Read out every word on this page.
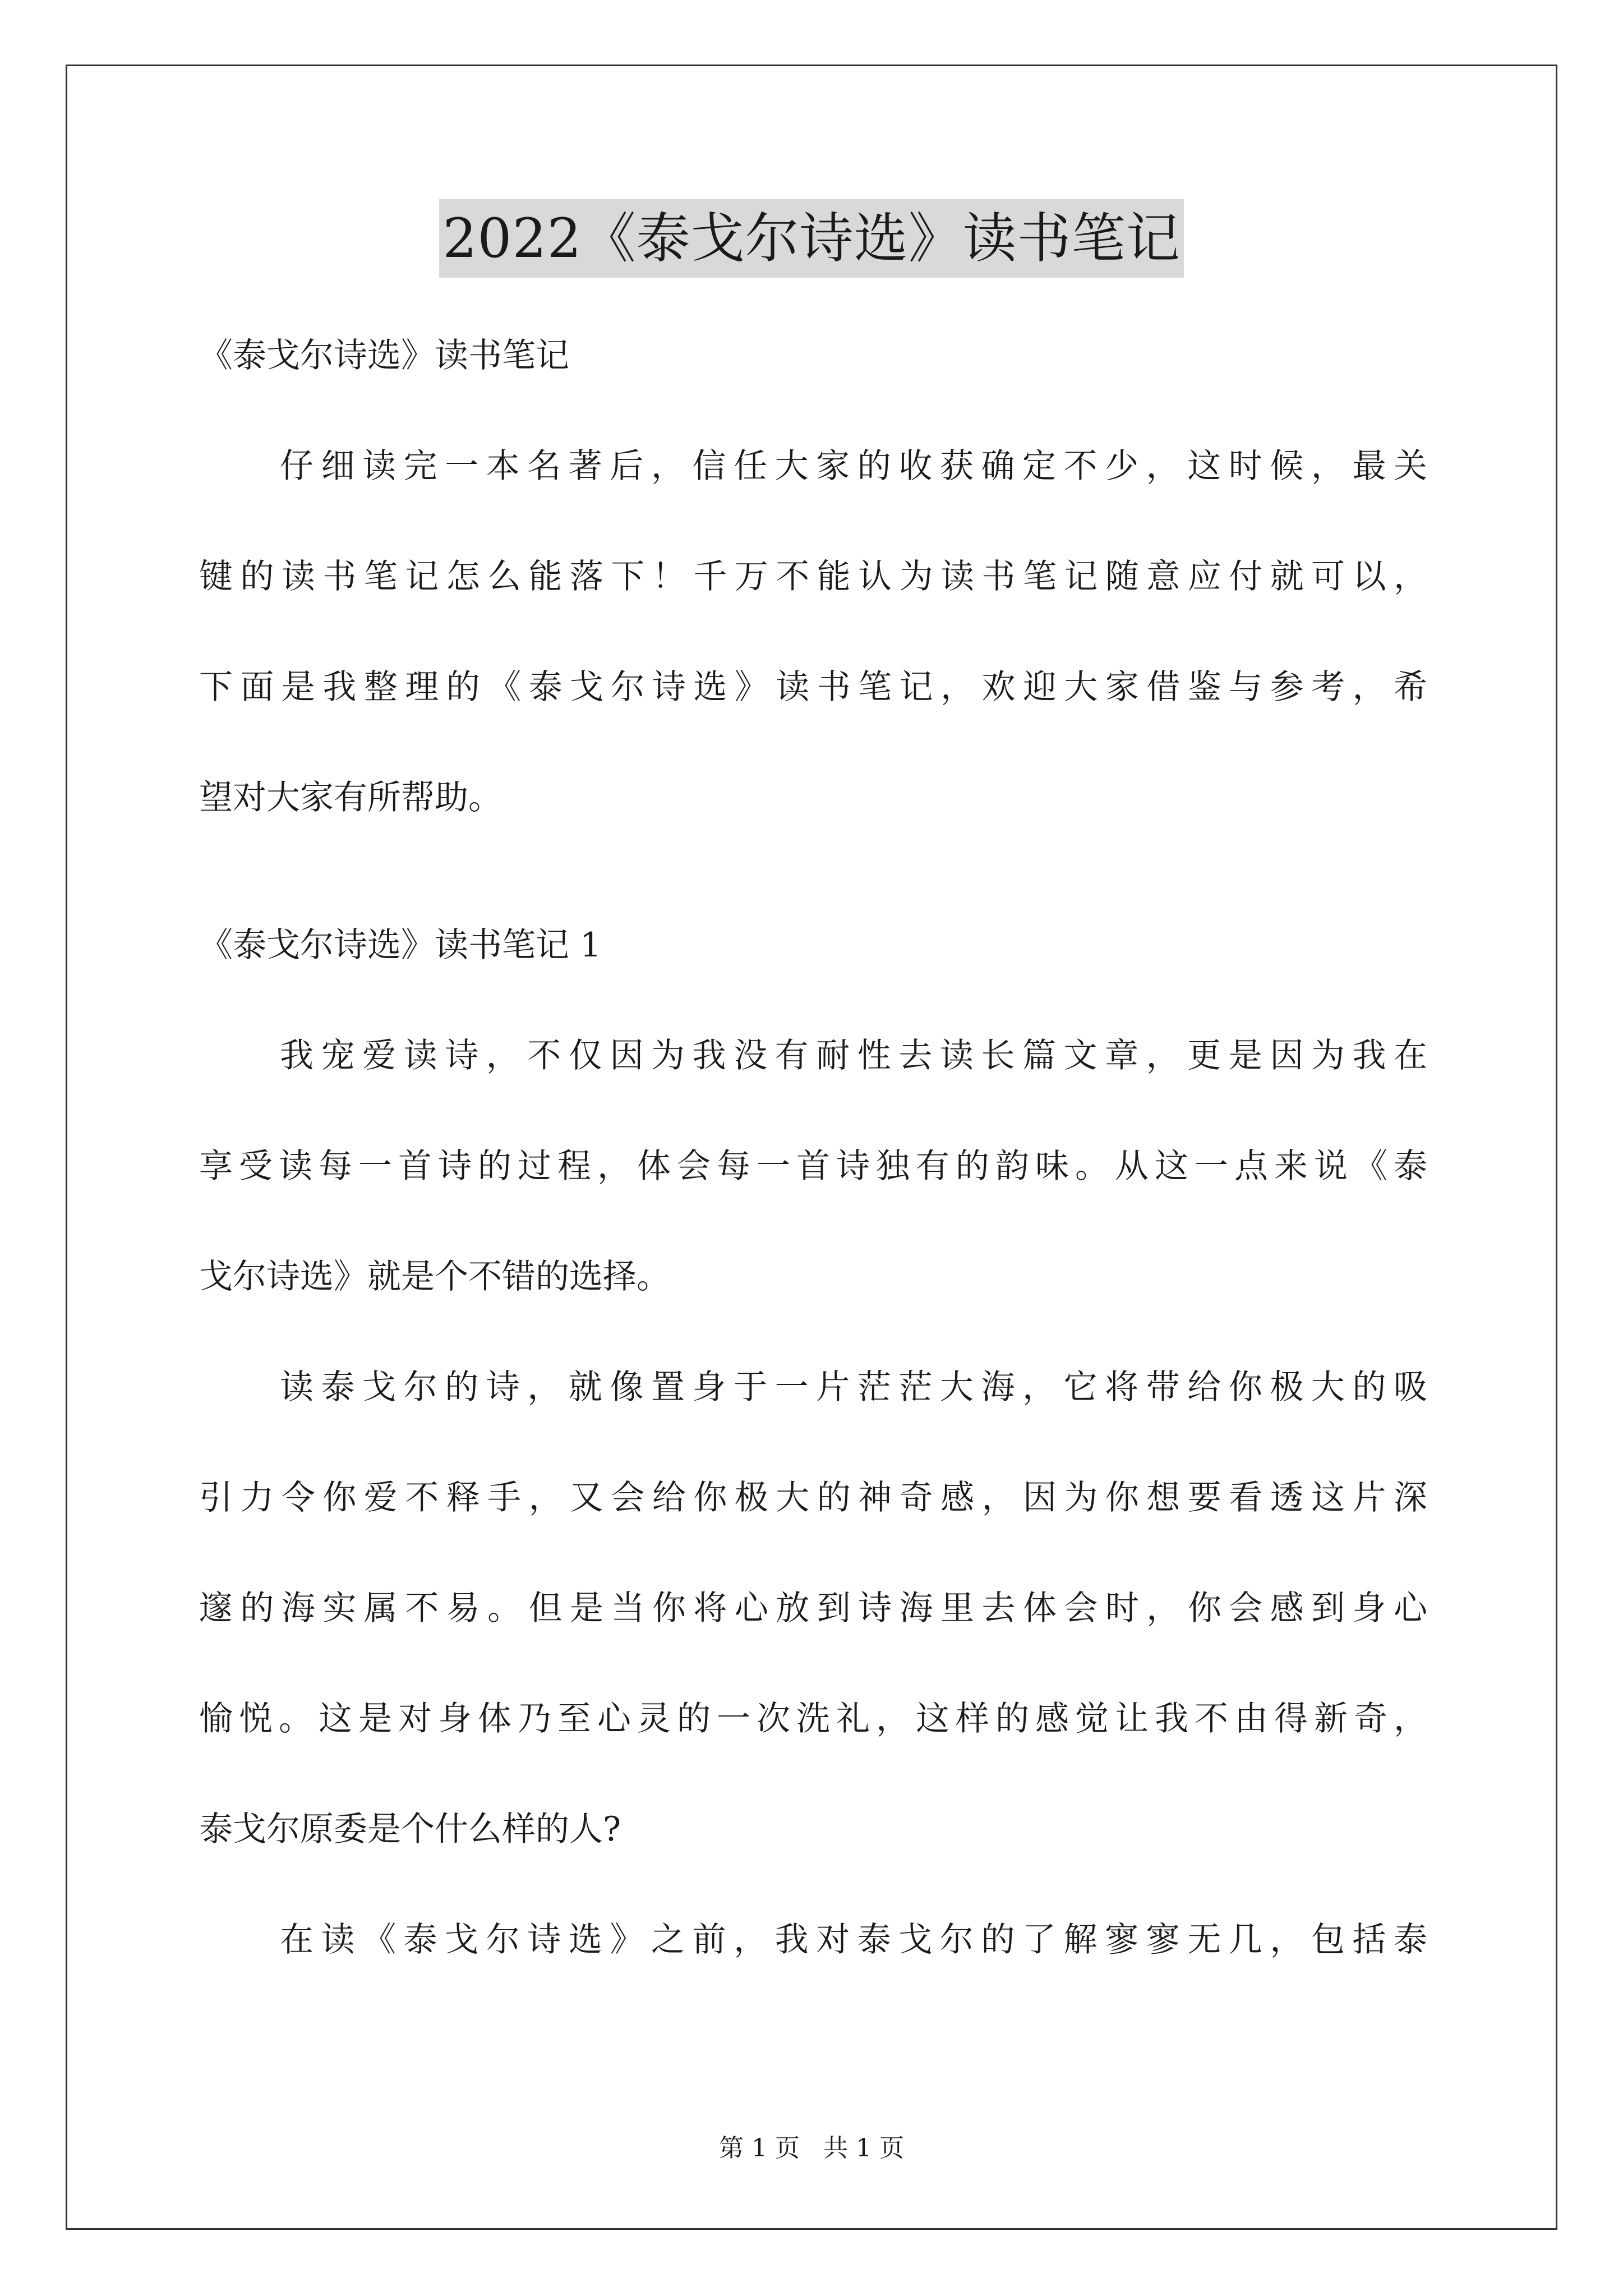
2022《泰戈尔诗选》读书笔记
《泰戈尔诗选》读书笔记
仔细读完一本名著后，信任大家的收获确定不少，这时候，最关
键的读书笔记怎么能落下！千万不能认为读书笔记随意应付就可以，
下面是我整理的《泰戈尔诗选》读书笔记，欢迎大家借鉴与参考，希
望对大家有所帮助。
《泰戈尔诗选》读书笔记 1
我宠爱读诗，不仅因为我没有耐性去读长篇文章，更是因为我在
享受读每一首诗的过程，体会每一首诗独有的韵味。从这一点来说《泰
戈尔诗选》就是个不错的选择。
读泰戈尔的诗，就像置身于一片茫茫大海，它将带给你极大的吸
引力令你爱不释手，又会给你极大的神奇感，因为你想要看透这片深
邃的海实属不易。但是当你将心放到诗海里去体会时，你会感到身心
愉悦。这是对身体乃至心灵的一次洗礼，这样的感觉让我不由得新奇，
泰戈尔原委是个什么样的人?
在读《泰戈尔诗选》之前，我对泰戈尔的了解寥寥无几，包括泰
第 1 页 共 1 页
